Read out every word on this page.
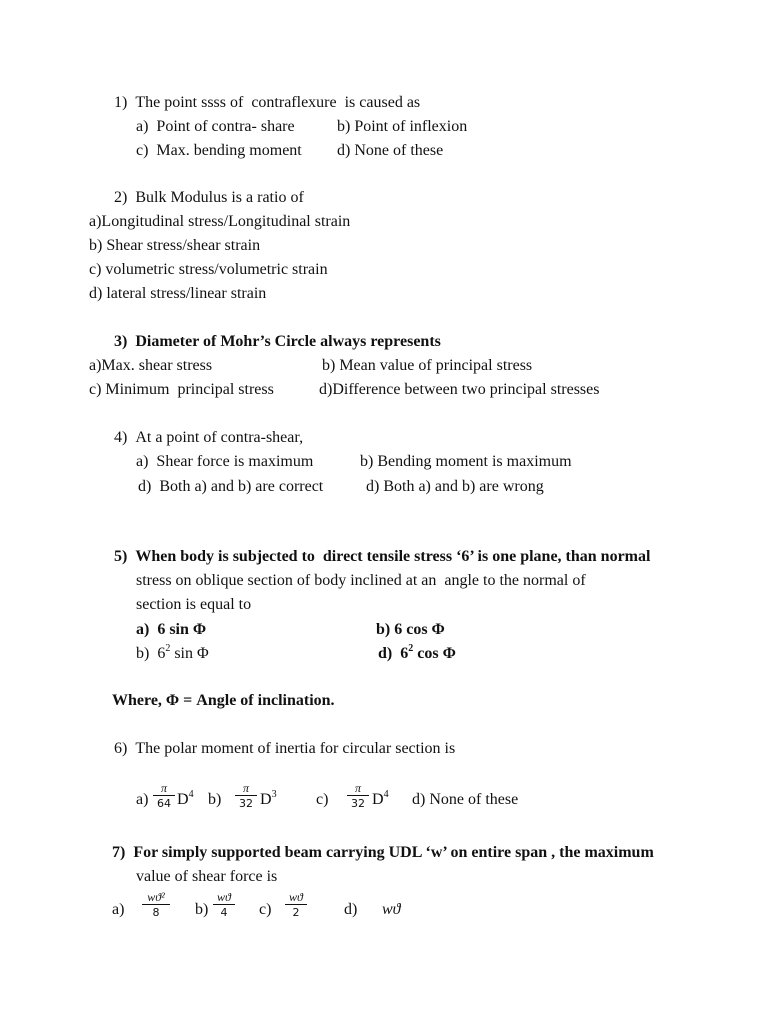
1)  The point ssss of  contraflexure  is caused as
a)  Point of contra- share	b) Point of inflexion
c)  Max. bending moment d) None of these
2)  Bulk Modulus is a ratio of
a)Longitudinal stress/Longitudinal strain
b) Shear stress/shear strain
c) volumetric stress/volumetric strain
d) lateral stress/linear strain
3)  Diameter of Mohr’s Circle always represents
a)Max. shear stress	b) Mean value of principal stress
c) Minimum  principal stress	d)Difference between two principal stresses
4)  At a point of contra-shear,
a)  Shear force is maximum	b) Bending moment is maximum
d)  Both a) and b) are correct	d) Both a) and b) are wrong
5)  When body is subjected to  direct tensile stress ‘6’ is one plane, than normal
stress on oblique section of body inclined at an  angle to the normal of
section is equal to
a)  6 sin Φ	b) 6 cos Φ
b)  $6^2$ sin Φ	d)  $6^2$ cos Φ
Where, Φ = Angle of inclination.
6)  The polar moment of inertia for circular section is
a)
π
64 $D^4$ b)
π
32 $D^3$ c)
π
32 $D^4$ d) None of these
7)  For simply supported beam carrying UDL ‘w’ on entire span , the maximum
value of shear force is
a)
wϑ²
8	b)
wϑ
4	c)
wϑ
2	d) wϑ
